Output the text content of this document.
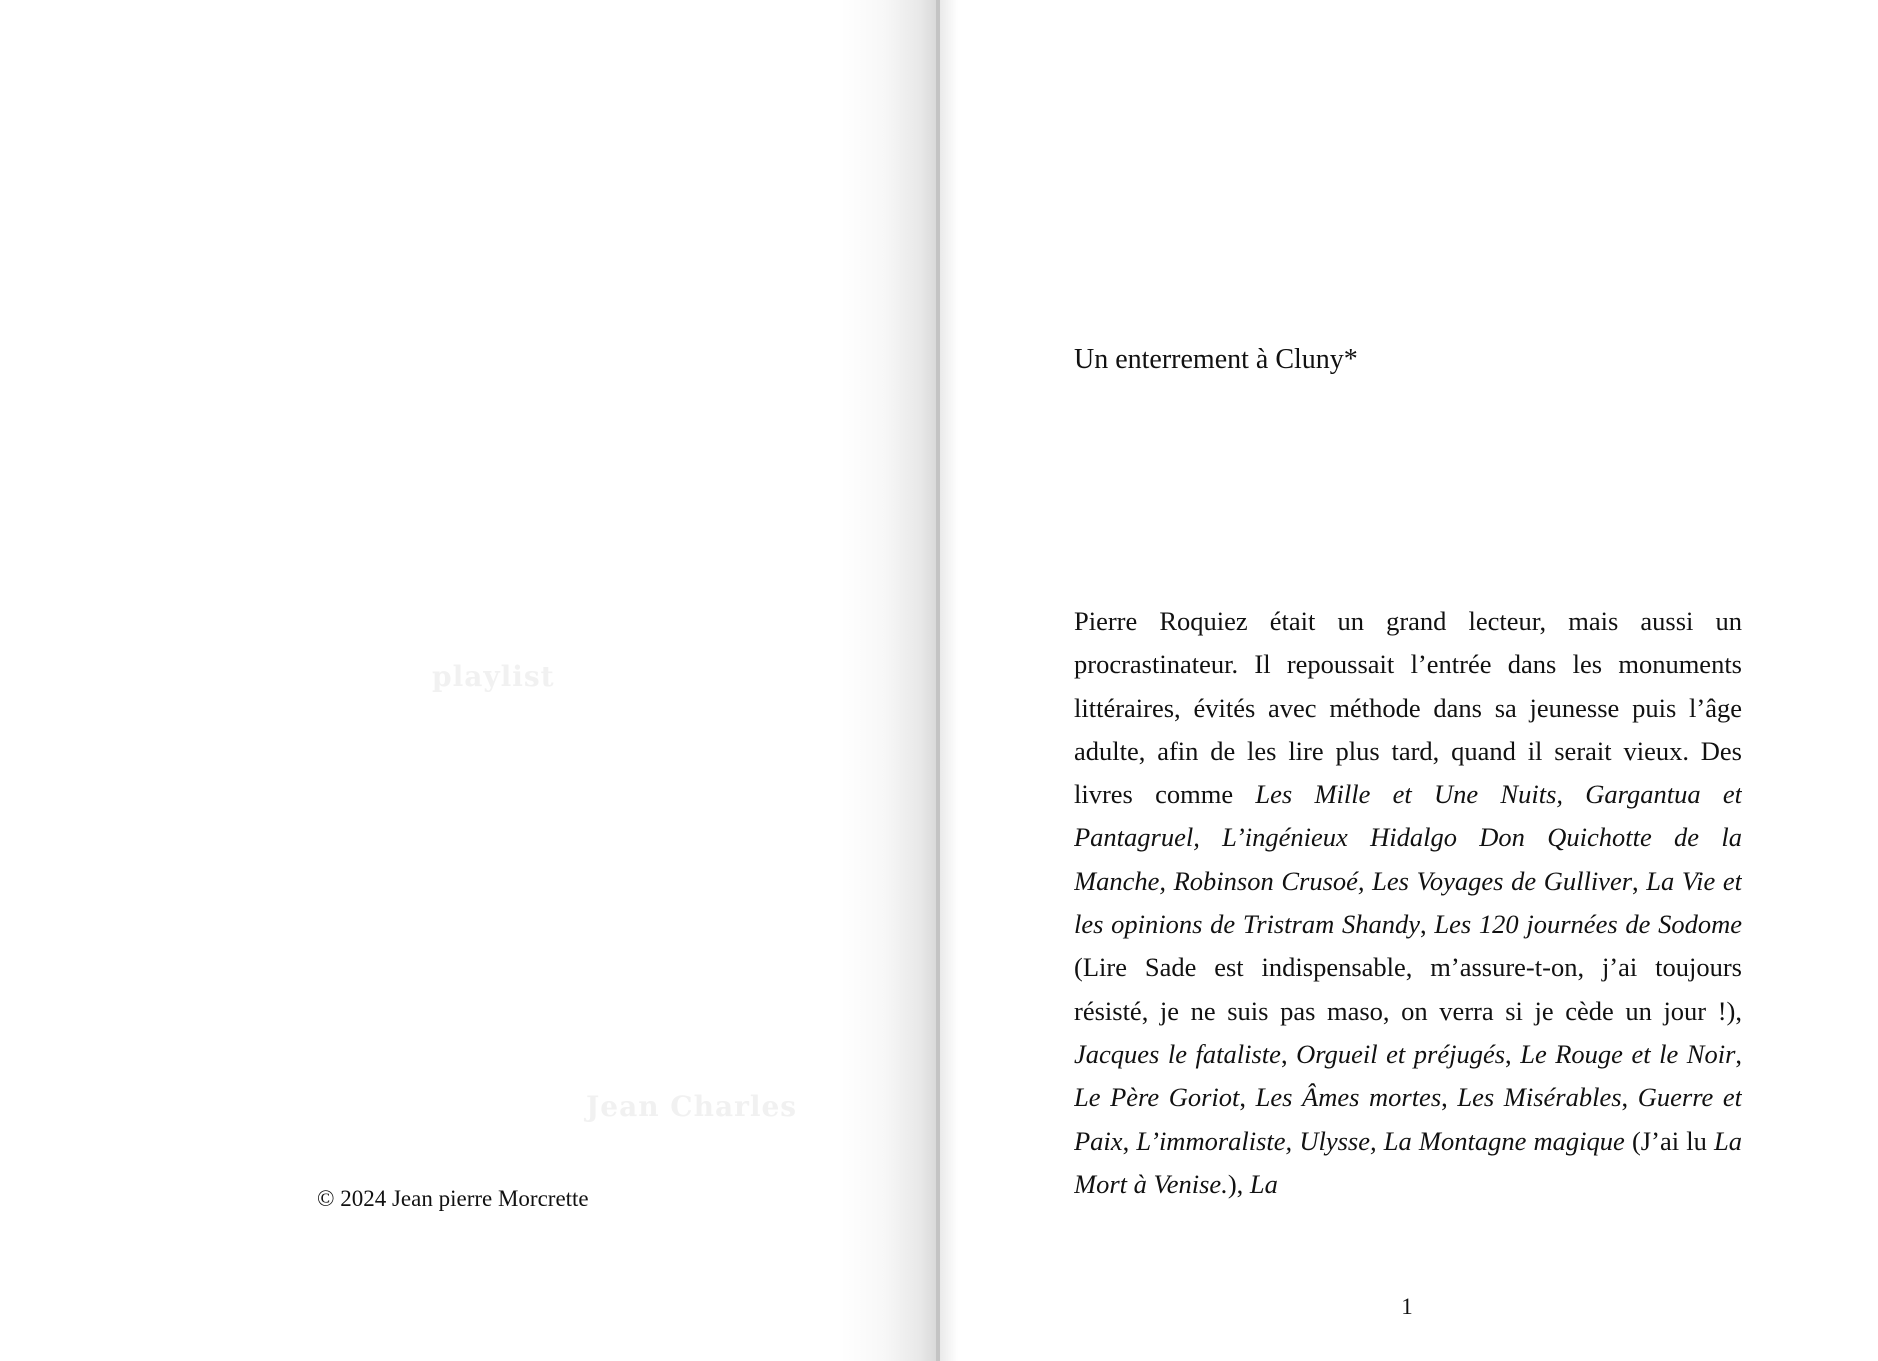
playlist
Jean Charles
© 2024 Jean pierre Morcrette
Un enterrement à Cluny*

Pierre Roquiez était un grand lecteur, mais aussi un procrastinateur. Il repoussait l’entrée dans les monuments littéraires, évités avec méthode dans sa jeunesse puis l’âge adulte, afin de les lire plus tard, quand il serait vieux. Des livres comme Les Mille et Une Nuits, Gargantua et Pantagruel, L’ingénieux Hidalgo Don Quichotte de la Manche, Robinson Crusoé, Les Voyages de Gulliver, La Vie et les opinions de Tristram Shandy, Les 120 journées de Sodome (Lire Sade est indispensable, m’assure-t-on, j’ai toujours résisté, je ne suis pas maso, on verra si je cède un jour !), Jacques le fataliste, Orgueil et préjugés, Le Rouge et le Noir, Le Père Goriot, Les Âmes mortes, Les Misérables, Guerre et Paix, L’immoraliste, Ulysse, La Montagne magique (J’ai lu La Mort à Venise.), La

1
